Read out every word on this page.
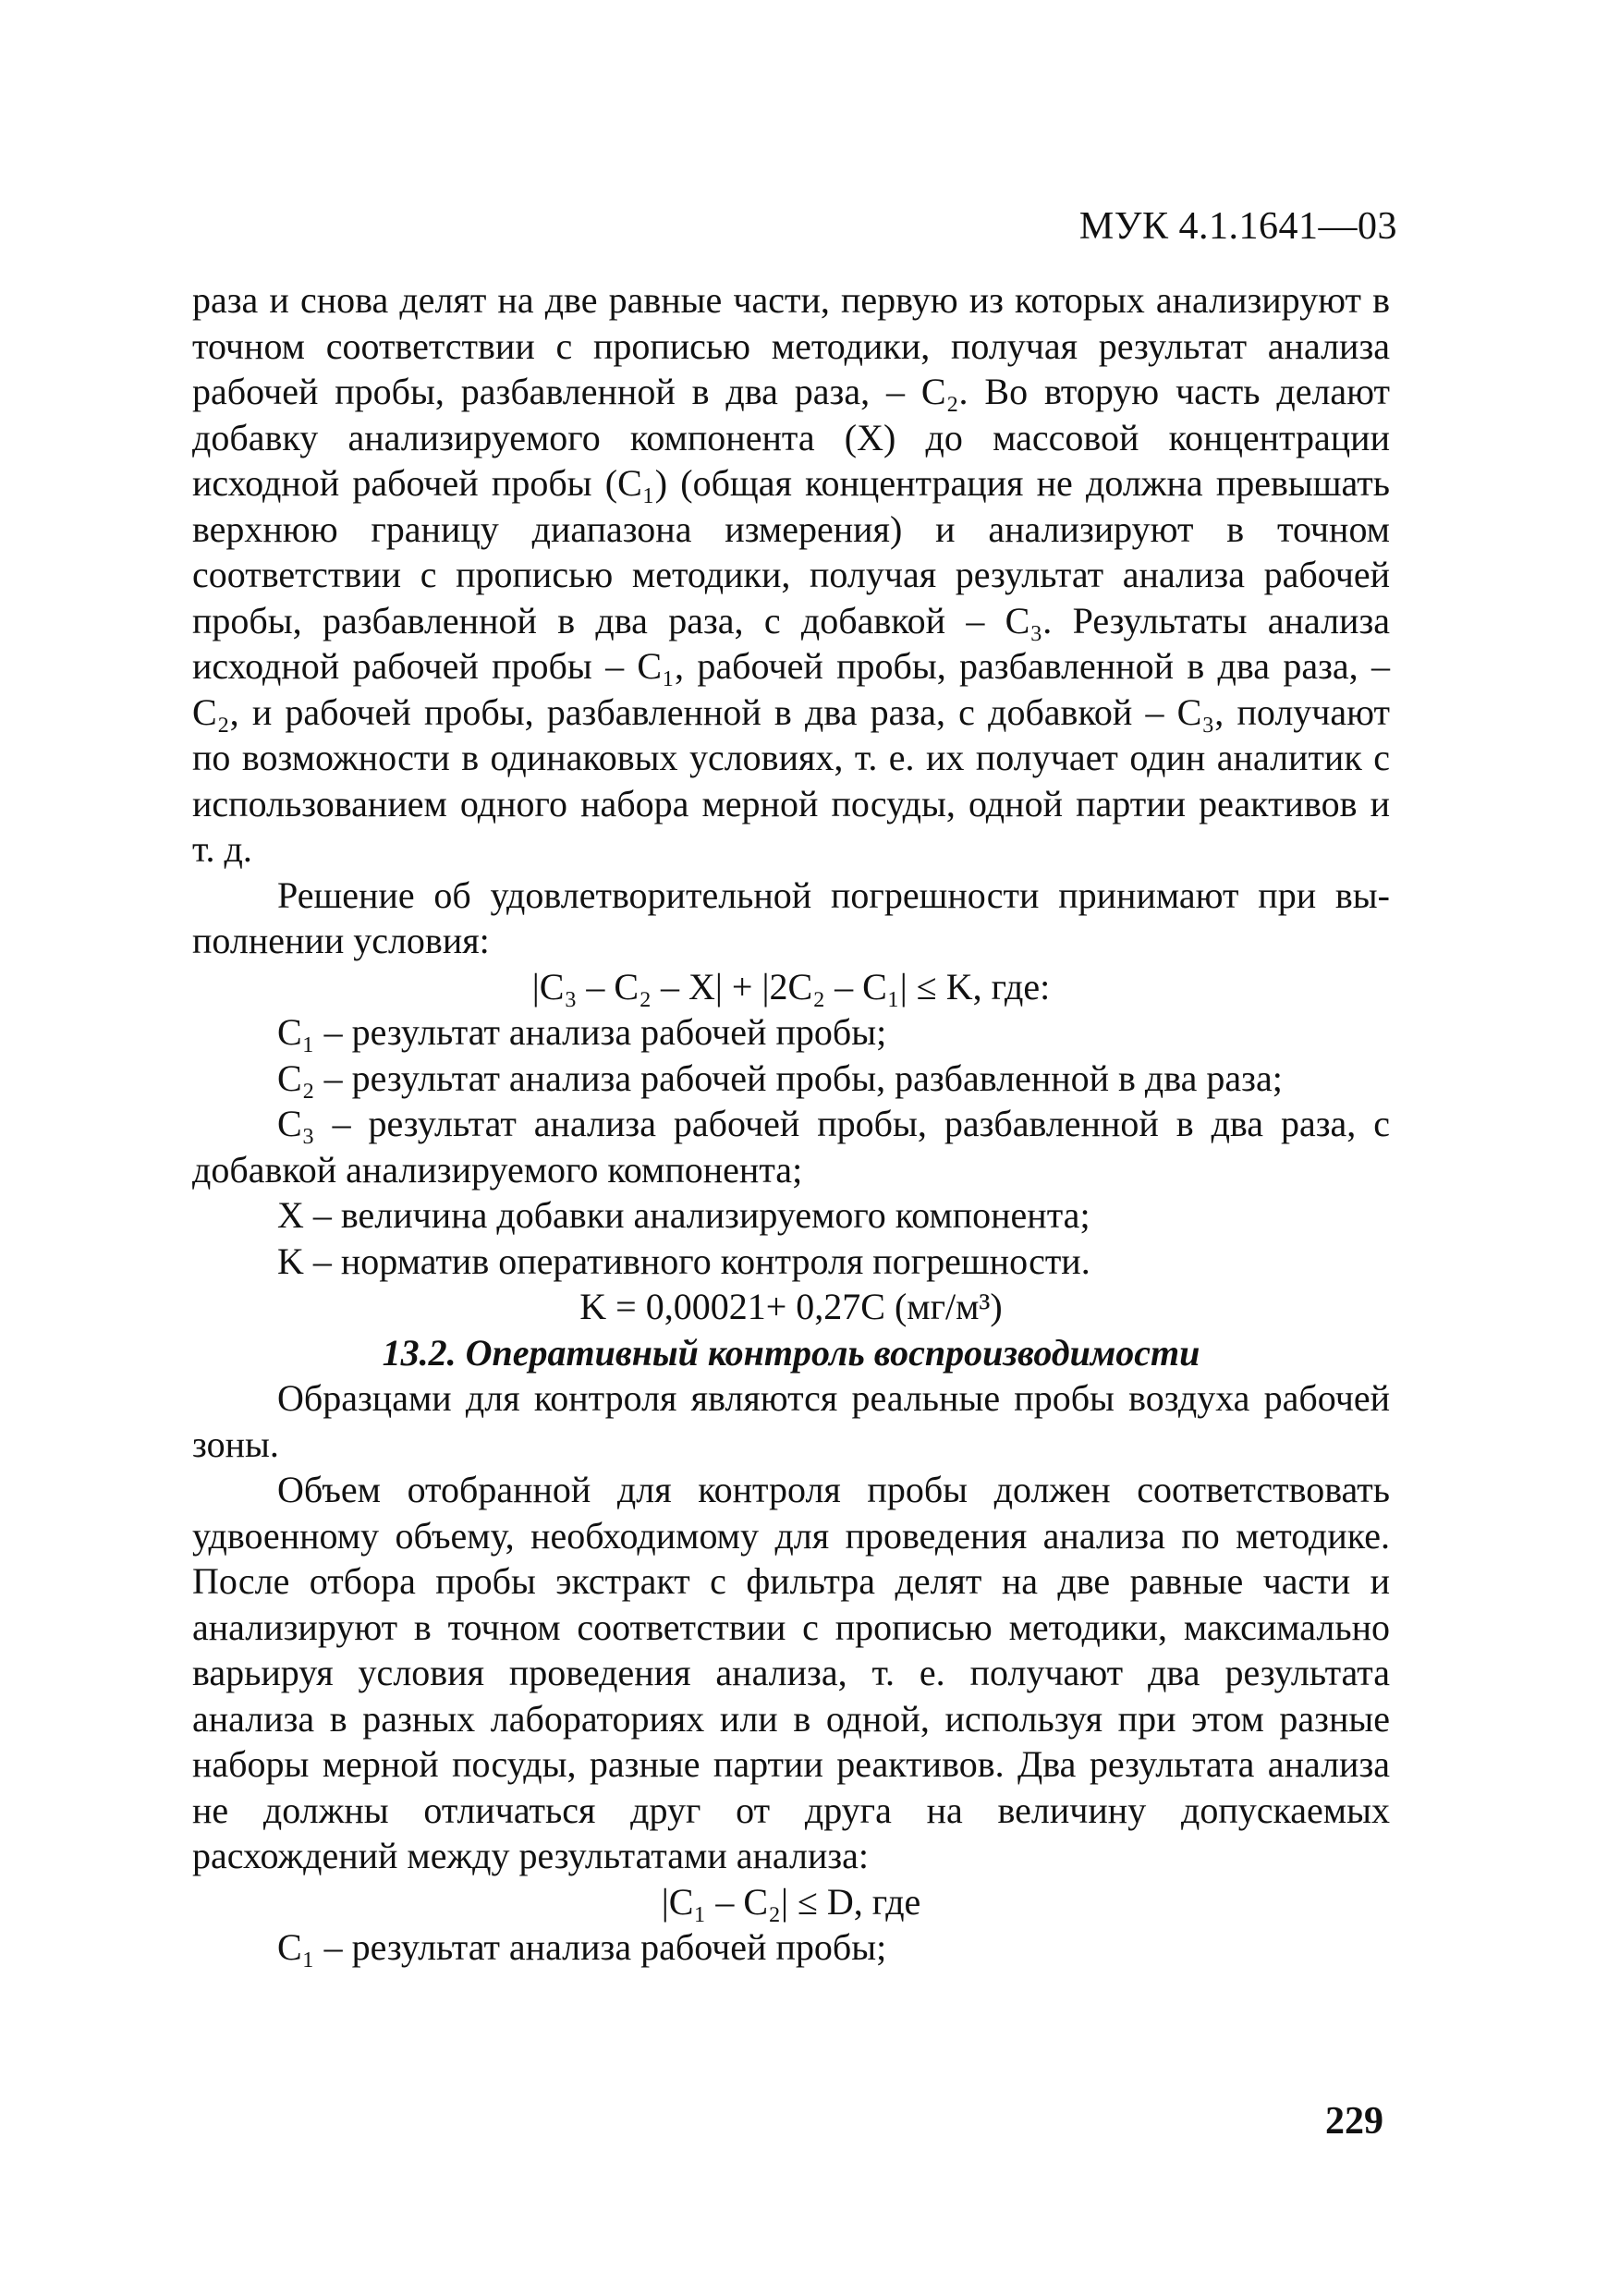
МУК 4.1.1641—03

раза и снова делят на две равные части, первую из которых анализируют в точном соответствии с прописью методики, получая результат анализа рабочей пробы, разбавленной в два раза, – C₂. Во вторую часть делают добавку анализируемого компонента (X) до массовой концентрации исходной рабочей пробы (C₁) (общая концентрация не должна превышать верхнюю границу диапазона измерения) и анализируют в точном соответствии с прописью методики, получая результат анализа рабочей пробы, разбавленной в два раза, с добавкой – C₃. Результаты анализа исходной рабочей пробы – C₁, рабочей пробы, разбавленной в два раза, – C₂, и рабочей пробы, разбавленной в два раза, с добавкой – C₃, получают по возможности в одинаковых условиях, т. е. их получает один аналитик с использованием одного набора мерной посуды, одной партии реактивов и т. д.

Решение об удовлетворительной погрешности принимают при выполнении условия:

|C₃ – C₂ – X| + |2C₂ – C₁| ≤ K, где:

C₁ – результат анализа рабочей пробы;

C₂ – результат анализа рабочей пробы, разбавленной в два раза;

C₃ – результат анализа рабочей пробы, разбавленной в два раза, с добавкой анализируемого компонента;

X – величина добавки анализируемого компонента;

K – норматив оперативного контроля погрешности.

K = 0,00021+ 0,27C (мг/м³)

13.2. Оперативный контроль воспроизводимости

Образцами для контроля являются реальные пробы воздуха рабочей зоны.

Объем отобранной для контроля пробы должен соответствовать удвоенному объему, необходимому для проведения анализа по методике. После отбора пробы экстракт с фильтра делят на две равные части и анализируют в точном соответствии с прописью методики, максимально варьируя условия проведения анализа, т. е. получают два результата анализа в разных лабораториях или в одной, используя при этом разные наборы мерной посуды, разные партии реактивов. Два результата анализа не должны отличаться друг от друга на величину допускаемых расхождений между результатами анализа:

|C₁ – C₂| ≤ D, где

C₁ – результат анализа рабочей пробы;

229
